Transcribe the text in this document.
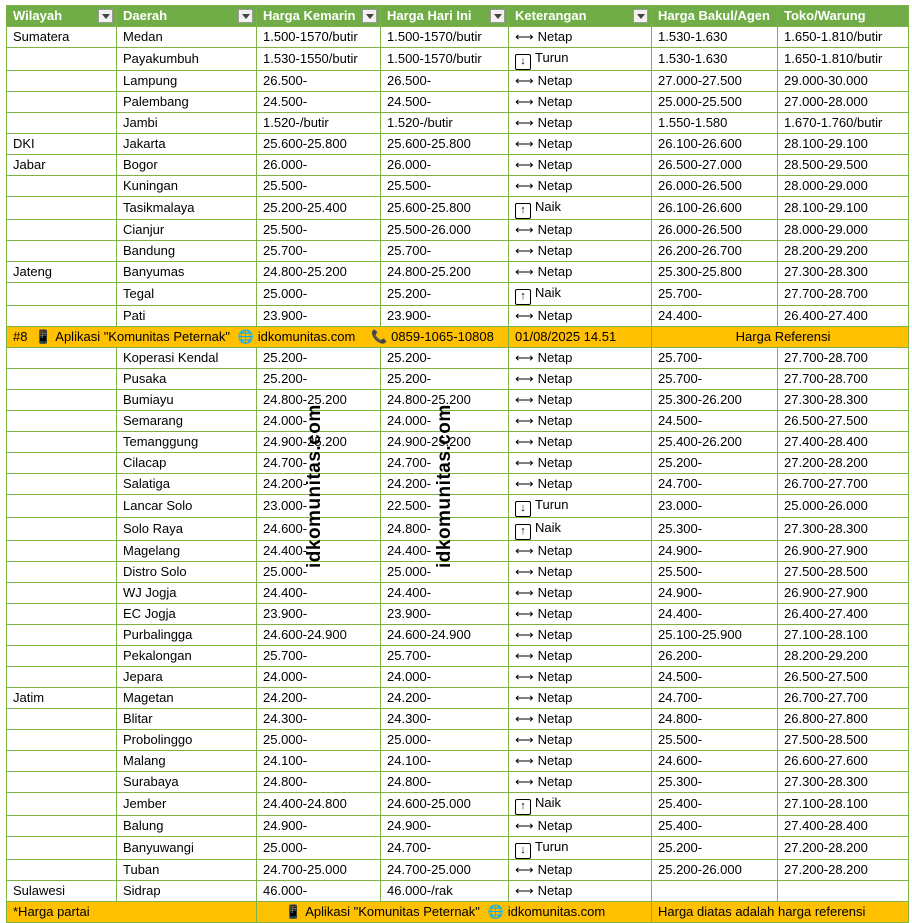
Wilayah	Daerah	Harga Kemarin	Harga Hari Ini	Keterangan	Harga Bakul/Agen	Toko/Warung
Sumatera	Medan	1.500-1570/butir	1.500-1570/butir	⟷ Netap	1.530-1.630	1.650-1.810/butir
	Payakumbuh	1.530-1550/butir	1.500-1570/butir	↓ Turun	1.530-1.630	1.650-1.810/butir
	Lampung	26.500-	26.500-	⟷ Netap	27.000-27.500	29.000-30.000
	Palembang	24.500-	24.500-	⟷ Netap	25.000-25.500	27.000-28.000
	Jambi	1.520-/butir	1.520-/butir	⟷ Netap	1.550-1.580	1.670-1.760/butir
DKI	Jakarta	25.600-25.800	25.600-25.800	⟷ Netap	26.100-26.600	28.100-29.100
Jabar	Bogor	26.000-	26.000-	⟷ Netap	26.500-27.000	28.500-29.500
	Kuningan	25.500-	25.500-	⟷ Netap	26.000-26.500	28.000-29.000
	Tasikmalaya	25.200-25.400	25.600-25.800	↑ Naik	26.100-26.600	28.100-29.100
	Cianjur	25.500-	25.500-26.000	⟷ Netap	26.000-26.500	28.000-29.000
	Bandung	25.700-	25.700-	⟷ Netap	26.200-26.700	28.200-29.200
Jateng	Banyumas	24.800-25.200	24.800-25.200	⟷ Netap	25.300-25.800	27.300-28.300
	Tegal	25.000-	25.200-	↑ Naik	25.700-	27.700-28.700
	Pati	23.900-	23.900-	⟷ Netap	24.400-	26.400-27.400
#8 📱 Aplikasi "Komunitas Peternak" 🌐 idkomunitas.com 📞 0859-1065-10808				01/08/2025 14.51	Harga Referensi	
	Koperasi Kendal	25.200-	25.200-	⟷ Netap	25.700-	27.700-28.700
	Pusaka	25.200-	25.200-	⟷ Netap	25.700-	27.700-28.700
	Bumiayu	24.800-25.200	24.800-25.200	⟷ Netap	25.300-26.200	27.300-28.300
	Semarang	24.000-	24.000-	⟷ Netap	24.500-	26.500-27.500
	Temanggung	24.900-25.200	24.900-25.200	⟷ Netap	25.400-26.200	27.400-28.400
	Cilacap	24.700-	24.700-	⟷ Netap	25.200-	27.200-28.200
	Salatiga	24.200-	24.200-	⟷ Netap	24.700-	26.700-27.700
	Lancar Solo	23.000-	22.500-	↓ Turun	23.000-	25.000-26.000
	Solo Raya	24.600-	24.800-	↑ Naik	25.300-	27.300-28.300
	Magelang	24.400-	24.400-	⟷ Netap	24.900-	26.900-27.900
	Distro Solo	25.000-	25.000-	⟷ Netap	25.500-	27.500-28.500
	WJ Jogja	24.400-	24.400-	⟷ Netap	24.900-	26.900-27.900
	EC Jogja	23.900-	23.900-	⟷ Netap	24.400-	26.400-27.400
	Purbalingga	24.600-24.900	24.600-24.900	⟷ Netap	25.100-25.900	27.100-28.100
	Pekalongan	25.700-	25.700-	⟷ Netap	26.200-	28.200-29.200
	Jepara	24.000-	24.000-	⟷ Netap	24.500-	26.500-27.500
Jatim	Magetan	24.200-	24.200-	⟷ Netap	24.700-	26.700-27.700
	Blitar	24.300-	24.300-	⟷ Netap	24.800-	26.800-27.800
	Probolinggo	25.000-	25.000-	⟷ Netap	25.500-	27.500-28.500
	Malang	24.100-	24.100-	⟷ Netap	24.600-	26.600-27.600
	Surabaya	24.800-	24.800-	⟷ Netap	25.300-	27.300-28.300
	Jember	24.400-24.800	24.600-25.000	↑ Naik	25.400-	27.100-28.100
	Balung	24.900-	24.900-	⟷ Netap	25.400-	27.400-28.400
	Banyuwangi	25.000-	24.700-	↓ Turun	25.200-	27.200-28.200
	Tuban	24.700-25.000	24.700-25.000	⟷ Netap	25.200-26.000	27.200-28.200
Sulawesi	Sidrap	46.000-	46.000-/rak	⟷ Netap		
*Harga partai		📱 Aplikasi "Komunitas Peternak" 🌐 idkomunitas.com			Harga diatas adalah harga referensi	
idkomunitas.com	idkomunitas.com
